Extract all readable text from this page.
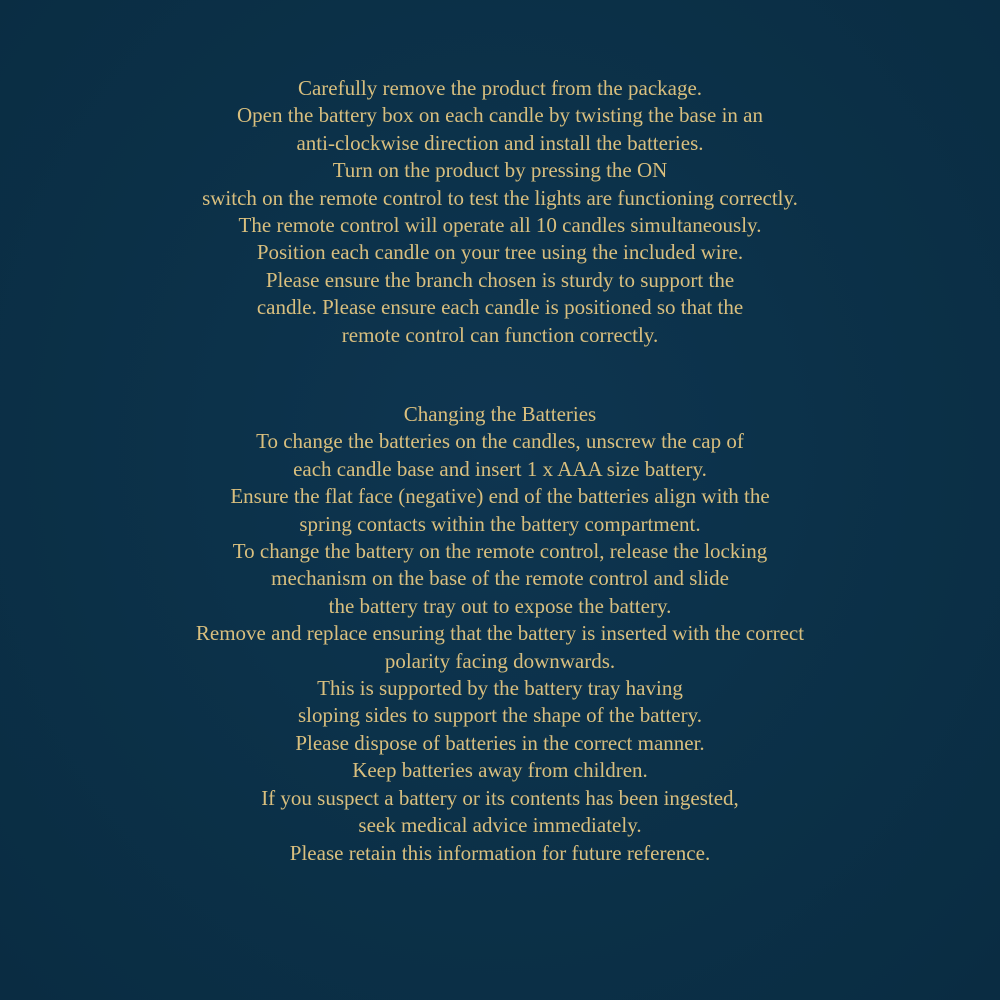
Carefully remove the product from the package.
Open the battery box on each candle by twisting the base in an
anti-clockwise direction and install the batteries.
Turn on the product by pressing the ON
switch on the remote control to test the lights are functioning correctly.
The remote control will operate all 10 candles simultaneously.
Position each candle on your tree using the included wire.
Please ensure the branch chosen is sturdy to support the
candle. Please ensure each candle is positioned so that the
remote control can function correctly.
Changing the Batteries
To change the batteries on the candles, unscrew the cap of
each candle base and insert 1 x AAA size battery.
Ensure the flat face (negative) end of the batteries align with the
spring contacts within the battery compartment.
To change the battery on the remote control, release the locking
mechanism on the base of the remote control and slide
the battery tray out to expose the battery.
Remove and replace ensuring that the battery is inserted with the correct
polarity facing downwards.
This is supported by the battery tray having
sloping sides to support the shape of the battery.
Please dispose of batteries in the correct manner.
Keep batteries away from children.
If you suspect a battery or its contents has been ingested,
seek medical advice immediately.
Please retain this information for future reference.
